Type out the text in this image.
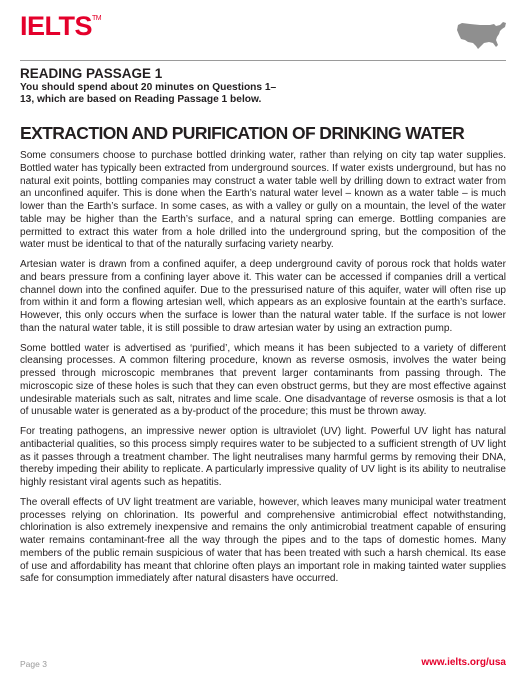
IELTS™
READING PASSAGE 1
You should spend about 20 minutes on Questions 1–13, which are based on Reading Passage 1 below.
EXTRACTION AND PURIFICATION OF DRINKING WATER

Some consumers choose to purchase bottled drinking water, rather than relying on city tap water supplies. Bottled water has typically been extracted from underground sources. If water exists underground, but has no natural exit points, bottling companies may construct a water table well by drilling down to extract water from an unconfined aquifer. This is done when the Earth’s natural water level – known as a water table – is much lower than the Earth’s surface. In some cases, as with a valley or gully on a mountain, the level of the water table may be higher than the Earth’s surface, and a natural spring can emerge. Bottling companies are permitted to extract this water from a hole drilled into the underground spring, but the composition of the water must be identical to that of the naturally surfacing variety nearby.

Artesian water is drawn from a confined aquifer, a deep underground cavity of porous rock that holds water and bears pressure from a confining layer above it. This water can be accessed if companies drill a vertical channel down into the confined aquifer. Due to the pressurised nature of this aquifer, water will often rise up from within it and form a flowing artesian well, which appears as an explosive fountain at the earth’s surface. However, this only occurs when the surface is lower than the natural water table. If the surface is not lower than the natural water table, it is still possible to draw artesian water by using an extraction pump.

Some bottled water is advertised as ‘purified’, which means it has been subjected to a variety of different cleansing processes. A common filtering procedure, known as reverse osmosis, involves the water being pressed through microscopic membranes that prevent larger contaminants from passing through. The microscopic size of these holes is such that they can even obstruct germs, but they are most effective against undesirable materials such as salt, nitrates and lime scale. One disadvantage of reverse osmosis is that a lot of unusable water is generated as a by-product of the procedure; this must be thrown away.

For treating pathogens, an impressive newer option is ultraviolet (UV) light. Powerful UV light has natural antibacterial qualities, so this process simply requires water to be subjected to a sufficient strength of UV light as it passes through a treatment chamber. The light neutralises many harmful germs by removing their DNA, thereby impeding their ability to replicate. A particularly impressive quality of UV light is its ability to neutralise highly resistant viral agents such as hepatitis.

The overall effects of UV light treatment are variable, however, which leaves many municipal water treatment processes relying on chlorination. Its powerful and comprehensive antimicrobial effect notwithstanding, chlorination is also extremely inexpensive and remains the only antimicrobial treatment capable of ensuring water remains contaminant-free all the way through the pipes and to the taps of domestic homes. Many members of the public remain suspicious of water that has been treated with such a harsh chemical. Its ease of use and affordability has meant that chlorine often plays an important role in making tainted water supplies safe for consumption immediately after natural disasters have occurred.

Page 3	www.ielts.org/usa
